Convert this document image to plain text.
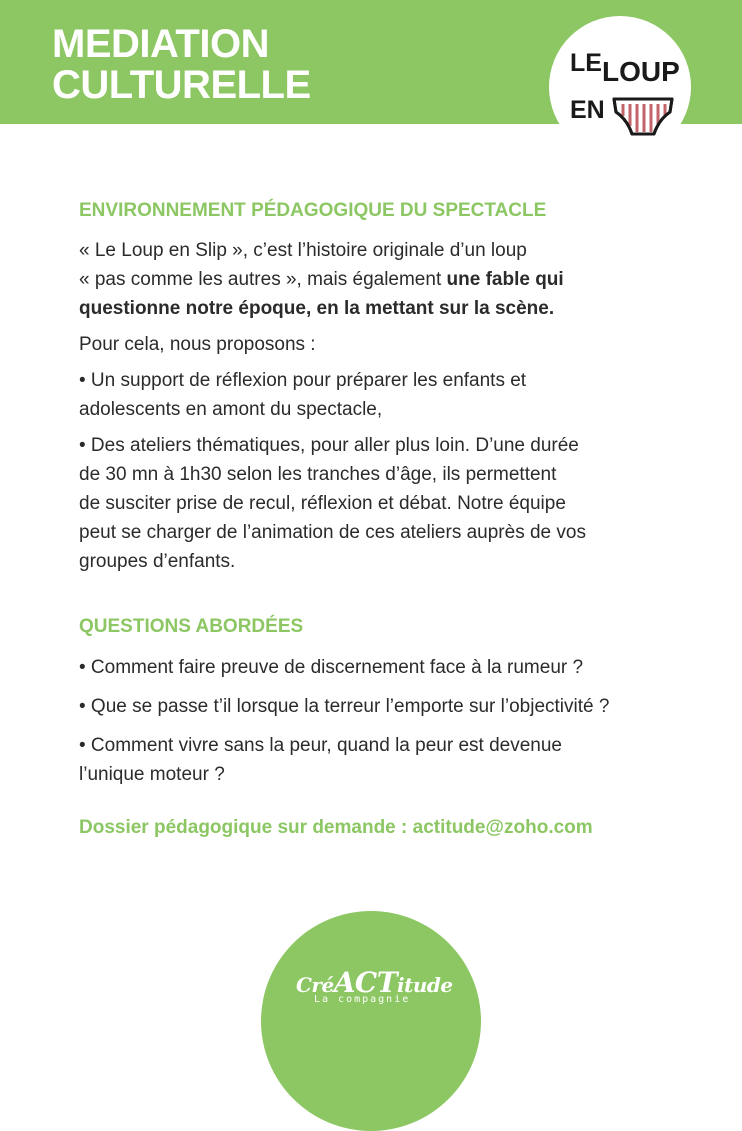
MEDIATION
CULTURELLE	LE LOUP
EN

ENVIRONNEMENT PÉDAGOGIQUE DU SPECTACLE

« Le Loup en Slip », c’est l’histoire originale d’un loup
« pas comme les autres », mais également une fable qui
questionne notre époque, en la mettant sur la scène.

Pour cela, nous proposons :

• Un support de réflexion pour préparer les enfants et
adolescents en amont du spectacle,

• Des ateliers thématiques, pour aller plus loin. D’une durée
de 30 mn à 1h30 selon les tranches d’âge, ils permettent
de susciter prise de recul, réflexion et débat. Notre équipe
peut se charger de l’animation de ces ateliers auprès de vos
groupes d’enfants.

QUESTIONS ABORDÉES

• Comment faire preuve de discernement face à la rumeur ?

• Que se passe t’il lorsque la terreur l’emporte sur l’objectivité ?

• Comment vivre sans la peur, quand la peur est devenue
l’unique moteur ?

Dossier pédagogique sur demande : actitude@zoho.com

CréACTitude
La compagnie
